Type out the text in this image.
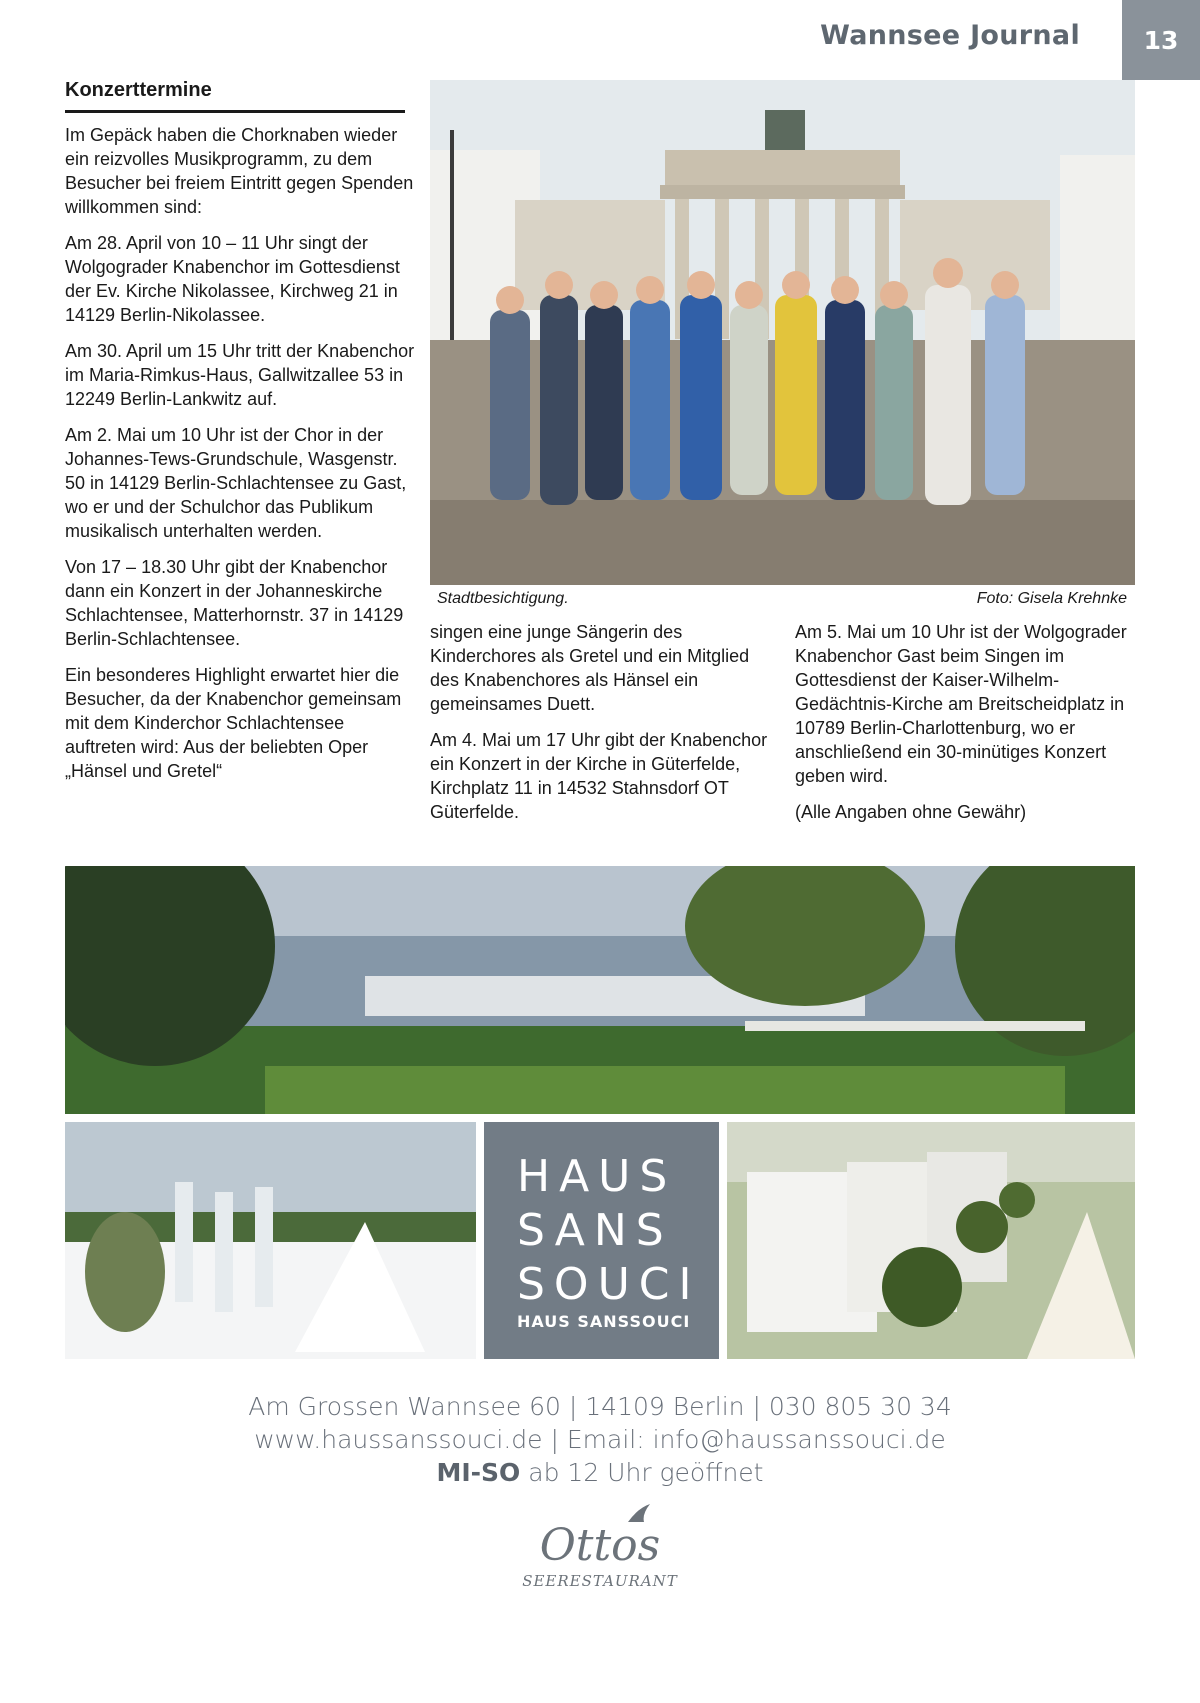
Wannsee Journal	13
Konzerttermine

Im Gepäck haben die Chorknaben wieder ein reizvolles Musikprogramm, zu dem Besucher bei freiem Eintritt gegen Spenden willkommen sind:

Am 28. April von 10 – 11 Uhr singt der Wolgograder Knabenchor im Gottesdienst der Ev. Kirche Nikolassee, Kirchweg 21 in 14129 Berlin-Nikolassee.

Am 30. April um 15 Uhr tritt der Knabenchor im Maria-Rimkus-Haus, Gallwitzallee 53 in 12249 Berlin-Lankwitz auf.

Am 2. Mai um 10 Uhr ist der Chor in der Johannes-Tews-Grundschule, Wasgenstr. 50 in 14129 Berlin-Schlachtensee zu Gast, wo er und der Schulchor das Publikum musikalisch unterhalten werden.

Von 17 – 18.30 Uhr gibt der Knabenchor dann ein Konzert in der Johanneskirche Schlachtensee, Matterhornstr. 37 in 14129 Berlin-Schlachtensee.

Ein besonderes Highlight erwartet hier die Besucher, da der Knabenchor gemeinsam mit dem Kinderchor Schlachtensee auftreten wird: Aus der beliebten Oper „Hänsel und Gretel“

Stadtbesichtigung.	Foto: Gisela Krehnke

singen eine junge Sängerin des Kinderchores als Gretel und ein Mitglied des Knabenchores als Hänsel ein gemeinsames Duett.

Am 4. Mai um 17 Uhr gibt der Knabenchor ein Konzert in der Kirche in Güterfelde, Kirchplatz 11 in 14532 Stahnsdorf OT Güterfelde.

Am 5. Mai um 10 Uhr ist der Wolgograder Knabenchor Gast beim Singen im Gottesdienst der Kaiser-Wilhelm-Gedächtnis-Kirche am Breitscheidplatz in 10789 Berlin-Charlottenburg, wo er anschließend ein 30-minütiges Konzert geben wird.

(Alle Angaben ohne Gewähr)

HAUS
SANS
SOUCI
HAUS SANSSOUCI
Am Grossen Wannsee 60 | 14109 Berlin | 030 805 30 34
www.haussanssouci.de | Email: info@haussanssouci.de
MI-SO ab 12 Uhr geöffnet
Ottos
SEERESTAURANT
